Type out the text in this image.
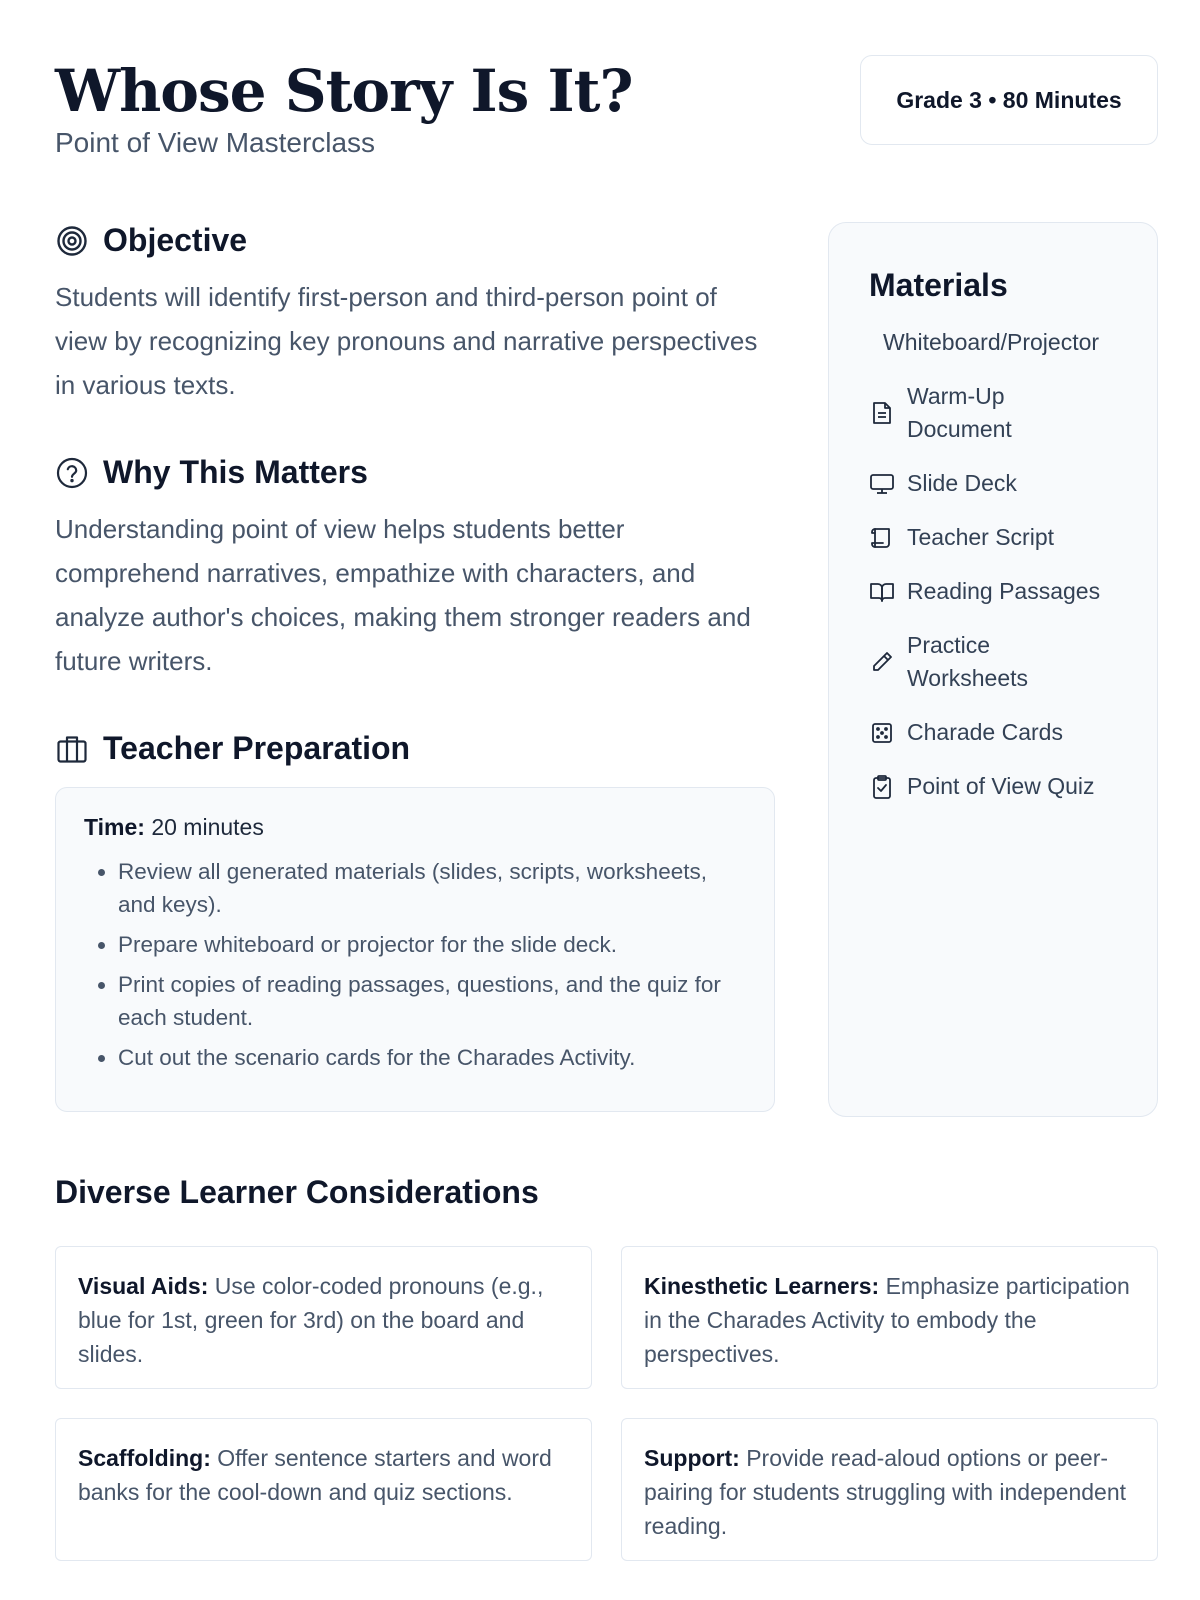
Whose Story Is It?
Point of View Masterclass
Grade 3 • 80 Minutes
Objective

Students will identify first-person and third-person point of view by recognizing key pronouns and narrative perspectives in various texts.

Why This Matters

Understanding point of view helps students better comprehend narratives, empathize with characters, and analyze author's choices, making them stronger readers and future writers.

Teacher Preparation
Time: 20 minutes
• Review all generated materials (slides, scripts, worksheets, and keys).
• Prepare whiteboard or projector for the slide deck.
• Print copies of reading passages, questions, and the quiz for each student.
• Cut out the scenario cards for the Charades Activity.
Materials
Whiteboard/Projector
Warm-Up Document
Slide Deck
Teacher Script
Reading Passages
Practice Worksheets
Charade Cards
Point of View Quiz
Diverse Learner Considerations
Visual Aids: Use color-coded pronouns (e.g., blue for 1st, green for 3rd) on the board and slides.
Kinesthetic Learners: Emphasize participation in the Charades Activity to embody the perspectives.
Scaffolding: Offer sentence starters and word banks for the cool-down and quiz sections.
Support: Provide read-aloud options or peer-pairing for students struggling with independent reading.
